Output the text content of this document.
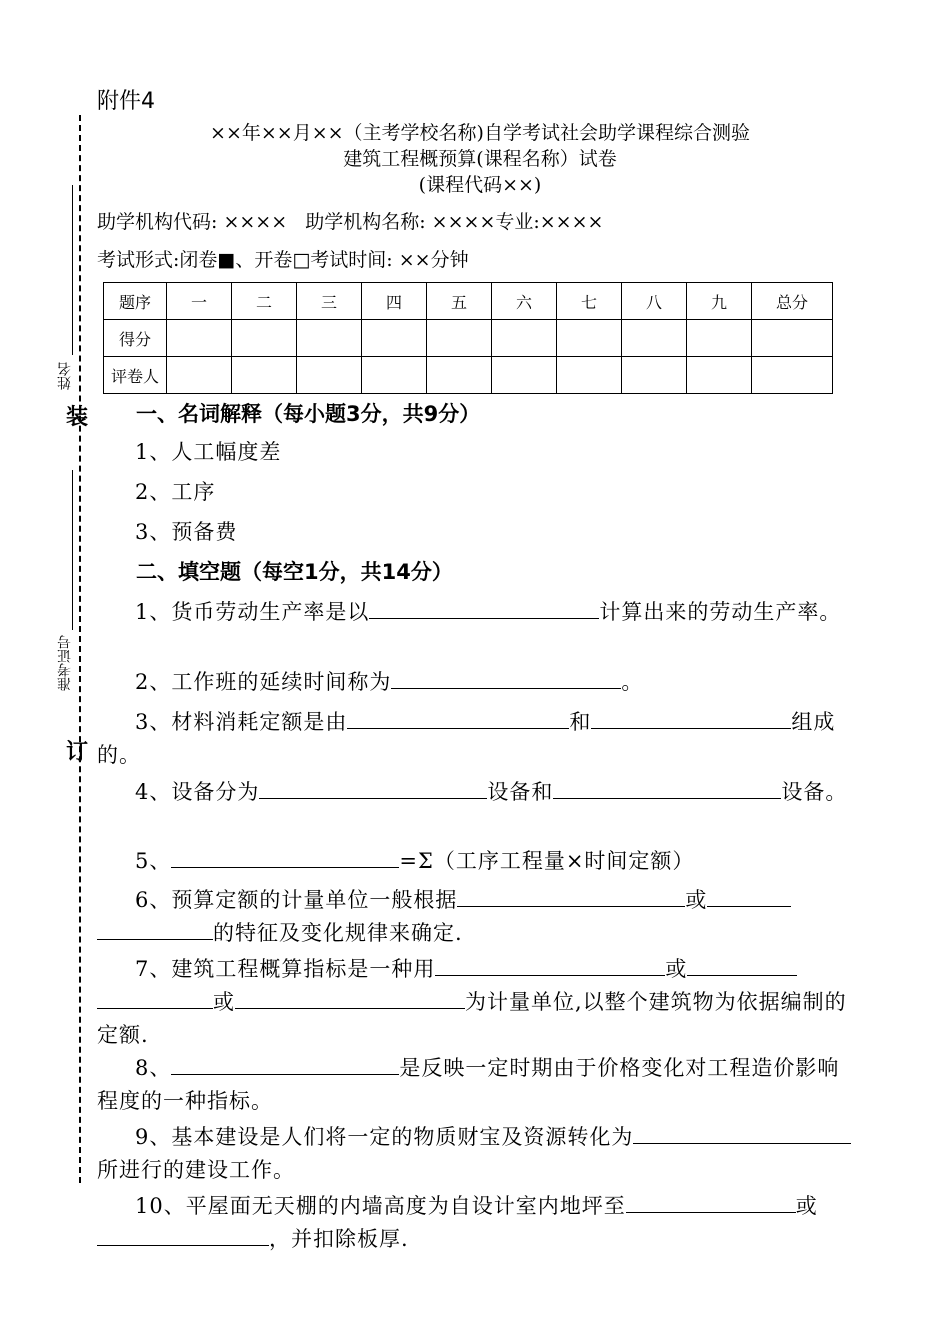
姓名
装
准考证号
订
附件4
××年××月××（主考学校名称)自学考试社会助学课程综合测验
建筑工程概预算(课程名称）试卷
(课程代码××)
助学机构代码: ××××   助学机构名称: ××××专业:××××
考试形式:闭卷■、开卷□考试时间: ××分钟
题序	一	二	三	四	五	六	七	八	九	总分
得分										
评卷人										
一、名词解释（每小题3分，共9分）
1、人工幅度差
2、工序
3、预备费
二、填空题（每空1分，共14分）
1、货币劳动生产率是以	计算出来的劳动生产率。
2、工作班的延续时间称为	。
3、材料消耗定额是由	和	组成的。
4、设备分为	设备和	设备。
5、	=Σ（工序工程量×时间定额）
6、预算定额的计量单位一般根据	或的特征及变化规律来确定.
7、建筑工程概算指标是一种用	或或	为计量单位,以整个建筑物为依据编制的定额.
8、	是反映一定时期由于价格变化对工程造价影响程度的一种指标。
9、基本建设是人们将一定的物质财宝及资源转化为所进行的建设工作。
10、平屋面无天棚的内墙高度为自设计室内地坪至	或，并扣除板厚.
